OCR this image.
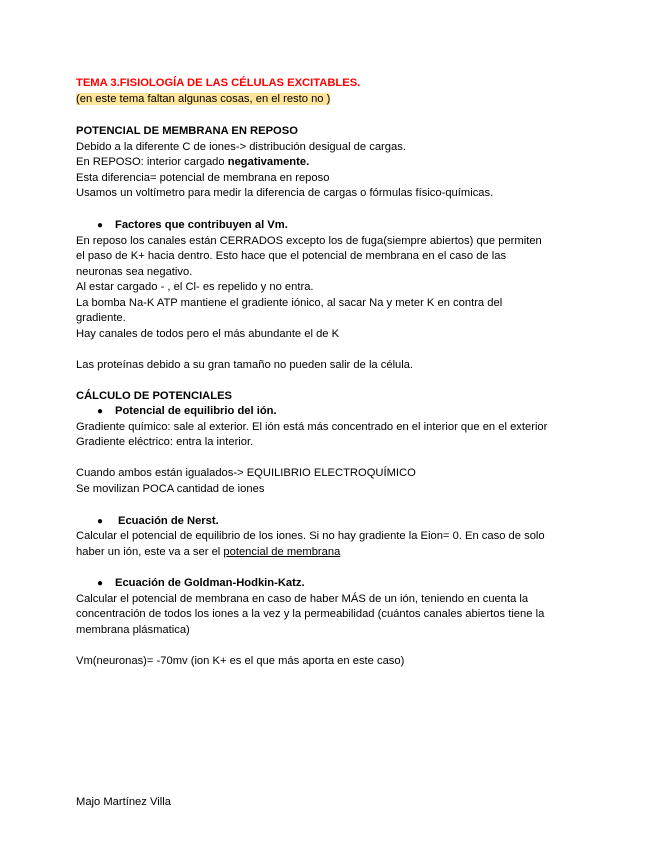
TEMA 3.FISIOLOGÍA DE LAS CÉLULAS EXCITABLES.
(en este tema faltan algunas cosas, en el resto no )
POTENCIAL DE MEMBRANA EN REPOSO
Debido a la diferente C de iones-> distribución desigual de cargas.
En REPOSO: interior cargado negativamente.
Esta diferencia= potencial de membrana en reposo
Usamos un voltímetro para medir la diferencia de cargas o fórmulas físico-químicas.
● Factores que contribuyen al Vm.
En reposo los canales están CERRADOS excepto los de fuga(siempre abiertos) que permiten
el paso de K+ hacia dentro. Esto hace que el potencial de membrana en el caso de las
neuronas sea negativo.
Al estar cargado - , el Cl- es repelido y no entra.
La bomba Na-K ATP mantiene el gradiente iónico, al sacar Na y meter K en contra del
gradiente.
Hay canales de todos pero el más abundante el de K
Las proteínas debido a su gran tamaño no pueden salir de la célula.
CÁLCULO DE POTENCIALES
● Potencial de equilibrio del ión.
Gradiente químico: sale al exterior. El ión está más concentrado en el interior que en el exterior
Gradiente eléctrico: entra la interior.
Cuando ambos están igualados-> EQUILIBRIO ELECTROQUÍMICO
Se movilizan POCA cantidad de iones
● Ecuación de Nerst.
Calcular el potencial de equilibrio de los iones. Si no hay gradiente la Eion= 0. En caso de solo
haber un ión, este va a ser el potencial de membrana
● Ecuación de Goldman-Hodkin-Katz.
Calcular el potencial de membrana en caso de haber MÁS de un ión, teniendo en cuenta la
concentración de todos los iones a la vez y la permeabilidad (cuántos canales abiertos tiene la
membrana plásmatica)
Vm(neuronas)= -70mv (ion K+ es el que más aporta en este caso)
Majo Martínez Villa
